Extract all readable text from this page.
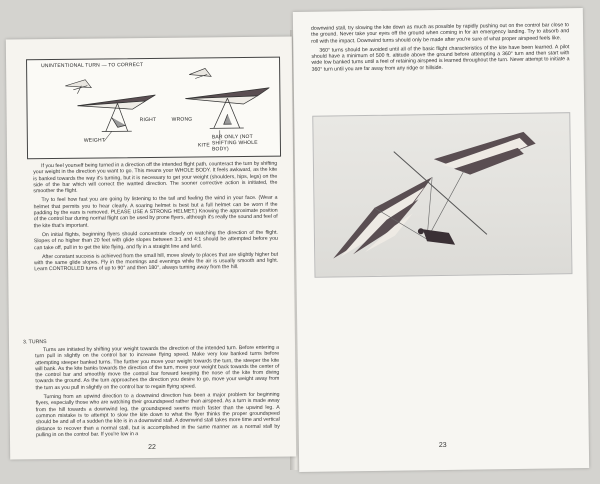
UNINTENTIONAL TURN — TO CORRECT
RIGHT	WRONG
WEIGHT
KITE
BAR ONLY (NOT SHIFTING WHOLE BODY)

If you feel yourself being turned in a direction off the intended flight path, counteract the turn by shifting your weight in the direction you want to go. This means your WHOLE BODY. It feels awkward, as the kite is banked towards the way it's turning, but it is necessary to get your weight (shoulders, hips, legs) on the side of the bar which will correct the wanted direction. The sooner corrective action is initiated, the smoother the flight.

Try to feel how fast you are going by listening to the tail and feeling the wind in your face. (Wear a helmet that permits you to hear clearly. A soaring helmet is best but a full helmet can be worn if the padding by the ears is removed. PLEASE USE A STRONG HELMET.) Knowing the approximate position of the control bar during normal flight can be used by prone flyers, although it's really the sound and feel of the kite that's important.

On initial flights, beginning flyers should concentrate closely on watching the direction of the flight. Slopes of no higher than 20 feet with glide slopes between 3:1 and 4:1 should be attempted before you can take off, pull in to get the kite flying, and fly in a straight line and land.

After constant success is achieved from the small hill, move slowly to places that are slightly higher but with the same glide slopes. Fly in the mornings and evenings while the air is usually smooth and light. Learn CONTROLLED turns of up to 90° and then 180°, always turning away from the hill.

3. TURNS

Turns are initiated by shifting your weight towards the direction of the intended turn. Before entering a turn pull in slightly on the control bar to increase flying speed. Make very low banked turns before attempting steeper banked turns. The further you move your weight towards the turn, the steeper the kite will bank. As the kite banks towards the direction of the turn, move your weight back towards the center of the control bar and smoothly move the control bar forward keeping the nose of the kite from diving towards the ground. As the turn approaches the direction you desire to go, move your weight away from the turn as you pull in slightly on the control bar to regain flying speed.

Turning from an upwind direction to a downwind direction has been a major problem for beginning flyers, especially those who are watching their groundspeed rather than airspeed. As a turn is made away from the hill towards a downwind leg, the groundspeed seems much faster than the upwind leg. A common mistake is to attempt to slow the kite down to what the flyer thinks the proper groundspeed should be and all of a sudden the kite is in a downwind stall. A downwind stall takes more time and vertical distance to recover than a normal stall, but is accomplished in the same manner as a normal stall by pulling in on the control bar. If you're low in a

22

downwind stall, try slowing the kite down as much as possible by rapidly pushing out on the control bar close to the ground. Never take your eyes off the ground when coming in for an emergency landing. Try to absorb and roll with the impact. Downwind turns should only be made after you're sure of what proper airspeed feels like.

360° turns should be avoided until all of the basic flight characteristics of the kite have been learned. A pilot should have a minimum of 500 ft. altitude above the ground before attempting a 360° turn and then start with wide low banked turns until a feel of retaining airspeed is learned throughout the turn. Never attempt to initiate a 360° turn until you are far away from any ridge or hillside.

23
